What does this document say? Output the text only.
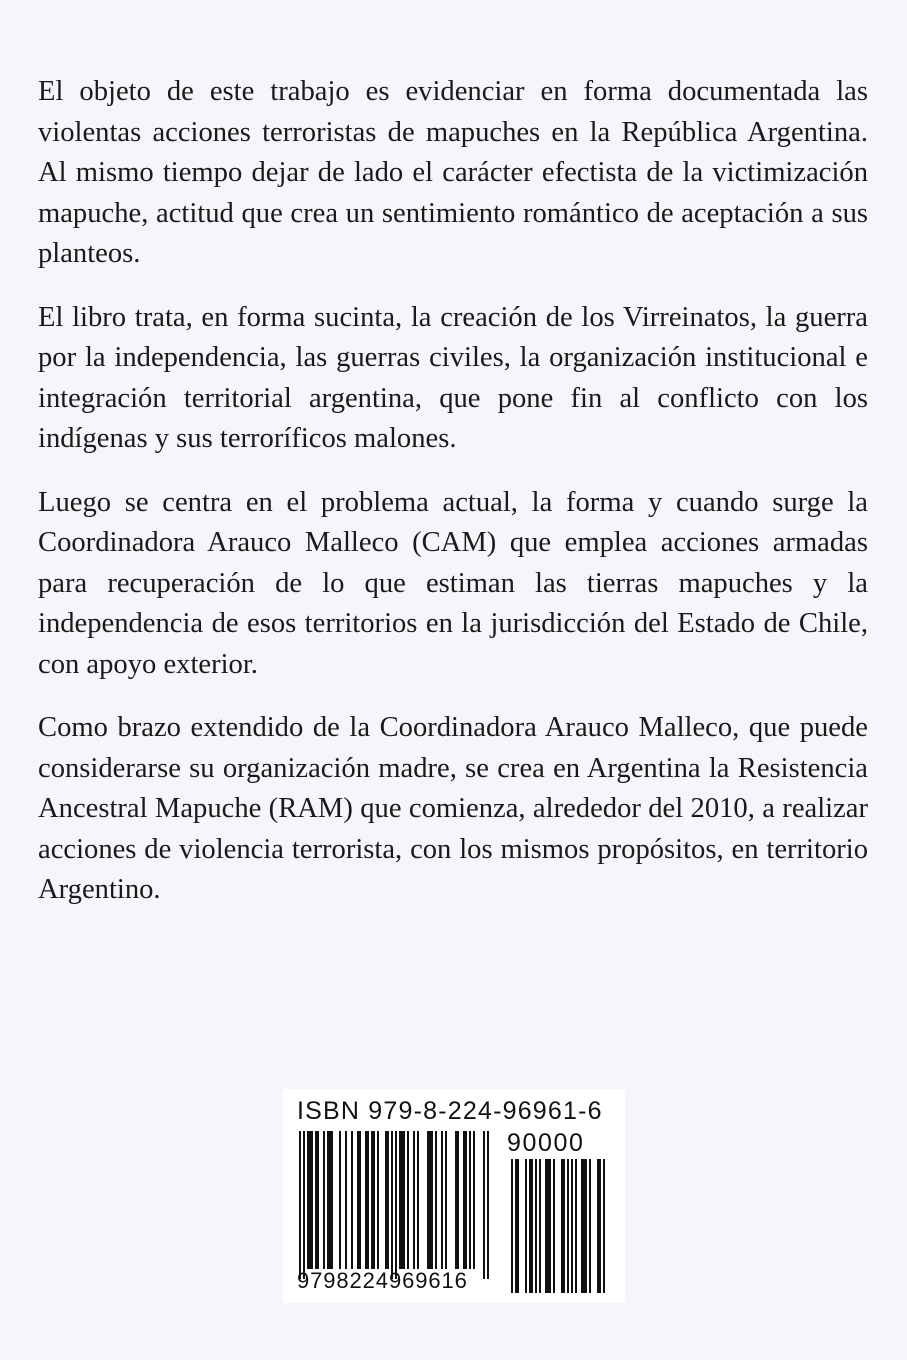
El objeto de este trabajo es evidenciar en forma documentada las violentas acciones terroristas de mapuches en la República Argentina. Al mismo tiempo dejar de lado el carácter efectista de la victimización mapuche, actitud que crea un sentimiento romántico de aceptación a sus planteos.

El libro trata, en forma sucinta, la creación de los Virreinatos, la guerra por la independencia, las guerras civiles, la organización institucional e integración territorial argentina, que pone fin al conflicto con los indígenas y sus terroríficos malones.

Luego se centra en el problema actual, la forma y cuando surge la Coordinadora Arauco Malleco (CAM) que emplea acciones armadas para recuperación de lo que estiman las tierras mapuches y la independencia de esos territorios en la jurisdicción del Estado de Chile, con apoyo exterior.

Como brazo extendido de la Coordinadora Arauco Malleco, que puede considerarse su organización madre, se crea en Argentina la Resistencia Ancestral Mapuche (RAM) que comienza, alrededor del 2010, a realizar acciones de violencia terrorista, con los mismos propósitos, en territorio Argentino.

ISBN 979-8-224-96961-6
90000
9798224969616
